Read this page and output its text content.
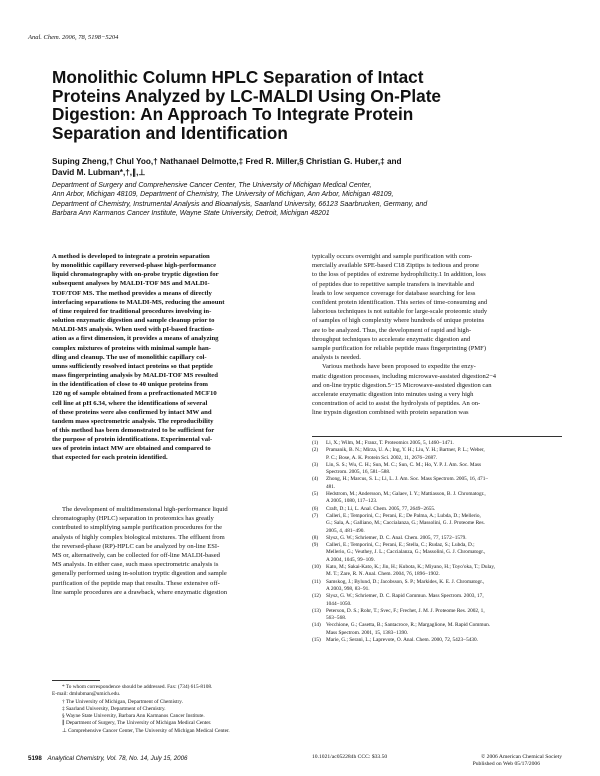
Anal. Chem. 2006, 78, 5198−5204
Monolithic Column HPLC Separation of Intact
Proteins Analyzed by LC-MALDI Using On-Plate
Digestion: An Approach To Integrate Protein
Separation and Identification
Suping Zheng,† Chul Yoo,† Nathanael Delmotte,‡ Fred R. Miller,§ Christian G. Huber,‡ and
David M. Lubman*,†,∥,⊥
Department of Surgery and Comprehensive Cancer Center, The University of Michigan Medical Center,
Ann Arbor, Michigan 48109, Department of Chemistry, The University of Michigan, Ann Arbor, Michigan 48109,
Department of Chemistry, Instrumental Analysis and Bioanalysis, Saarland University, 66123 Saarbrucken, Germany, and
Barbara Ann Karmanos Cancer Institute, Wayne State University, Detroit, Michigan 48201
A method is developed to integrate a protein separation
by monolithic capillary reversed-phase high-performance
liquid chromatography with on-probe tryptic digestion for
subsequent analyses by MALDI-TOF MS and MALDI-
TOF/TOF MS. The method provides a means of directly
interfacing separations to MALDI-MS, reducing the amount
of time required for traditional procedures involving in-
solution enzymatic digestion and sample cleanup prior to
MALDI-MS analysis. When used with pI-based fraction-
ation as a first dimension, it provides a means of analyzing
complex mixtures of proteins with minimal sample han-
dling and cleanup. The use of monolithic capillary col-
umns sufficiently resolved intact proteins so that peptide
mass fingerprinting analysis by MALDI-TOF MS resulted
in the identification of close to 40 unique proteins from
120 ng of sample obtained from a prefractionated MCF10
cell line at pH 6.34, where the identifications of several
of these proteins were also confirmed by intact MW and
tandem mass spectrometric analysis. The reproducibility
of this method has been demonstrated to be sufficient for
the purpose of protein identifications. Experimental val-
ues of protein intact MW are obtained and compared to
that expected for each protein identified.
The development of multidimensional high-performance liquid
chromatography (HPLC) separation in proteomics has greatly
contributed to simplifying sample purification procedures for the
analysis of highly complex biological mixtures. The effluent from
the reversed-phase (RP)-HPLC can be analyzed by on-line ESI-
MS or, alternatively, can be collected for off-line MALDI-based
MS analysis. In either case, such mass spectrometric analysis is
generally performed using in-solution tryptic digestion and sample
purification of the peptide map that results. These extensive off-
line sample procedures are a drawback, where enzymatic digestion
typically occurs overnight and sample purification with com-
mercially available SPE-based C18 Ziptips is tedious and prone
to the loss of peptides of extreme hydrophilicity.1 In addition, loss
of peptides due to repetitive sample transfers is inevitable and
leads to low sequence coverage for database searching for less
confident protein identification. This series of time-consuming and
laborious techniques is not suitable for large-scale proteomic study
of samples of high complexity where hundreds of unique proteins
are to be analyzed. Thus, the development of rapid and high-
throughput techniques to accelerate enzymatic digestion and
sample purification for reliable peptide mass fingerprinting (PMF)
analysis is needed.
Various methods have been proposed to expedite the enzy-
matic digestion processes, including microwave-assisted digestion2−4
and on-line tryptic digestion.5−15 Microwave-assisted digestion can
accelerate enzymatic digestion into minutes using a very high
concentration of acid to assist the hydrolysis of peptides. An on-
line trypsin digestion combined with protein separation was
* To whom correspondence should be addressed. Fax: (734) 615-8108.
E-mail: dmlubman@umich.edu.
† The University of Michigan, Department of Chemistry.
‡ Saarland University, Department of Chemistry.
§ Wayne State University, Barbara Ann Karmanos Cancer Institute.
∥ Department of Surgery, The University of Michigan Medical Center.
⊥ Comprehensive Cancer Center, The University of Michigan Medical Center.
(1)	Li, X.; Wilm, M.; Franz, T. Proteomics 2005, 5, 1460−1471.
(2)	Pramanik, B. N.; Mirza, U. A.; Ing, Y. H.; Liu, Y. H.; Bartner, P. L.; Weber,
P. C.; Bose, A. K. Protein Sci. 2002, 11, 2676−2687.
(3)	Lin, S. S.; Wu, C. H.; Sun, M. C.; Sun, C. M.; Ho, Y. P. J. Am. Soc. Mass
Spectrom. 2005, 16, 581−588.
(4)	Zhong, H.; Marcus, S. L.; Li, L. J. Am. Soc. Mass Spectrom. 2005, 16, 471−
481.
(5)	Hedstrom, M.; Andersson, M.; Galaev, I. Y.; Mattiasson, B. J. Chromatogr.,
A 2005, 1080, 117−123.
(6)	Craft, D.; Li, L. Anal. Chem. 2005, 77, 2649−2655.
(7)	Calleri, E.; Temporini, C.; Perani, E.; De Palma, A.; Lubda, D.; Mellerio,
G.; Sala, A.; Galliano, M.; Caccialanza, G.; Massolini, G. J. Proteome Res.
2005, 4, 481−490.
(8)	Slysz, G. W.; Schriemer, D. C. Anal. Chem. 2005, 77, 1572−1579.
(9)	Calleri, E.; Temporini, C.; Perani, E.; Stella, C.; Rudaz, S.; Lubda, D.;
Mellerio, G.; Veuthey, J. L.; Caccialanza, G.; Massolini, G. J. Chromatogr.,
A 2004, 1045, 99−109.
(10) Kato, M.; Sakai-Kato, K.; Jin, H.; Kubota, K.; Miyano, H.; Toyo'oka, T.; Dulay,
M. T.; Zare, R. N. Anal. Chem. 2004, 76, 1896−1902.
(11)	Samskog, J.; Bylund, D.; Jacobsson, S. P.; Markides, K. E. J. Chromatogr.,
A 2003, 998, 83−91.
(12) Slysz, G. W.; Schriemer, D. C. Rapid Commun. Mass Spectrom. 2003, 17,
1044−1050.
(13) Peterson, D. S.; Rohr, T.; Svec, F.; Frechet, J. M. J. Proteome Res. 2002, 1,
563−568.
(14) Vecchione, G.; Casetta, B.; Santacroce, R.; Margaglione, M. Rapid Commun.
Mass Spectrom. 2001, 15, 1383−1390.
(15) Marie, G.; Serani, L.; Laprevote, O. Anal. Chem. 2000, 72, 5423−5430.
5198 Analytical Chemistry, Vol. 78, No. 14, July 15, 2006	10.1021/ac052284h CCC: $33.50	© 2006 American Chemical Society
Published on Web 05/17/2006
